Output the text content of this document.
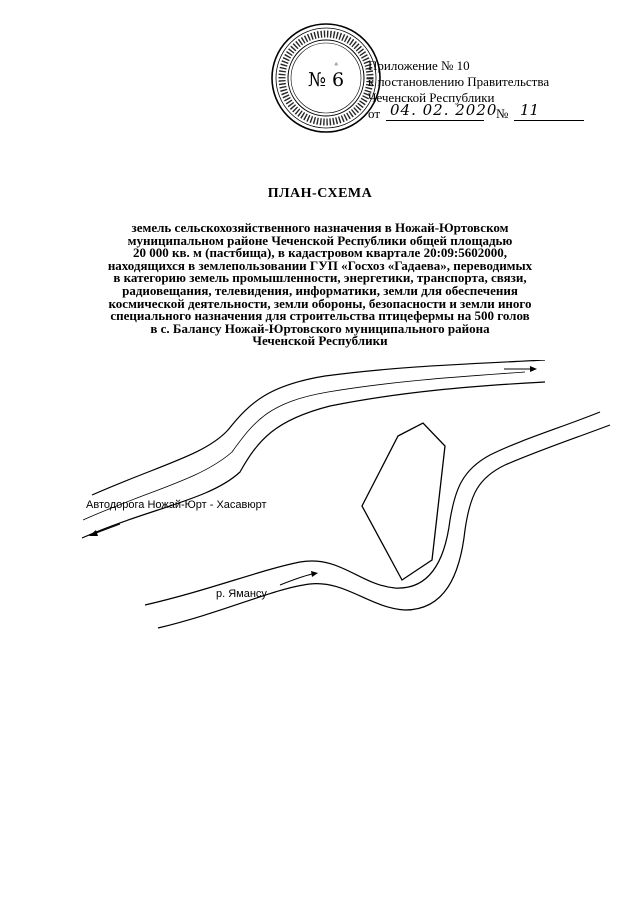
№ 6
☼ Приложение № 10
к постановлению Правительства
Чеченской Республики
от 04. 02. 2020
№ 11
ПЛАН-СХЕМА
земель сельскохозяйственного назначения в Ножай-Юртовском
муниципальном районе Чеченской Республики общей площадью
20 000 кв. м (пастбища), в кадастровом квартале 20:09:5602000,
находящихся в землепользовании ГУП «Госхоз «Гадаева», переводимых
в категорию земель промышленности, энергетики, транспорта, связи,
радиовещания, телевидения, информатики, земли для обеспечения
космической деятельности, земли обороны, безопасности и земли иного
специального назначения для строительства птицефермы на 500 голов
в с. Балансу Ножай-Юртовского муниципального района
Чеченской Республики
Автодорога Ножай-Юрт - Хасавюрт
р. Ямансу
